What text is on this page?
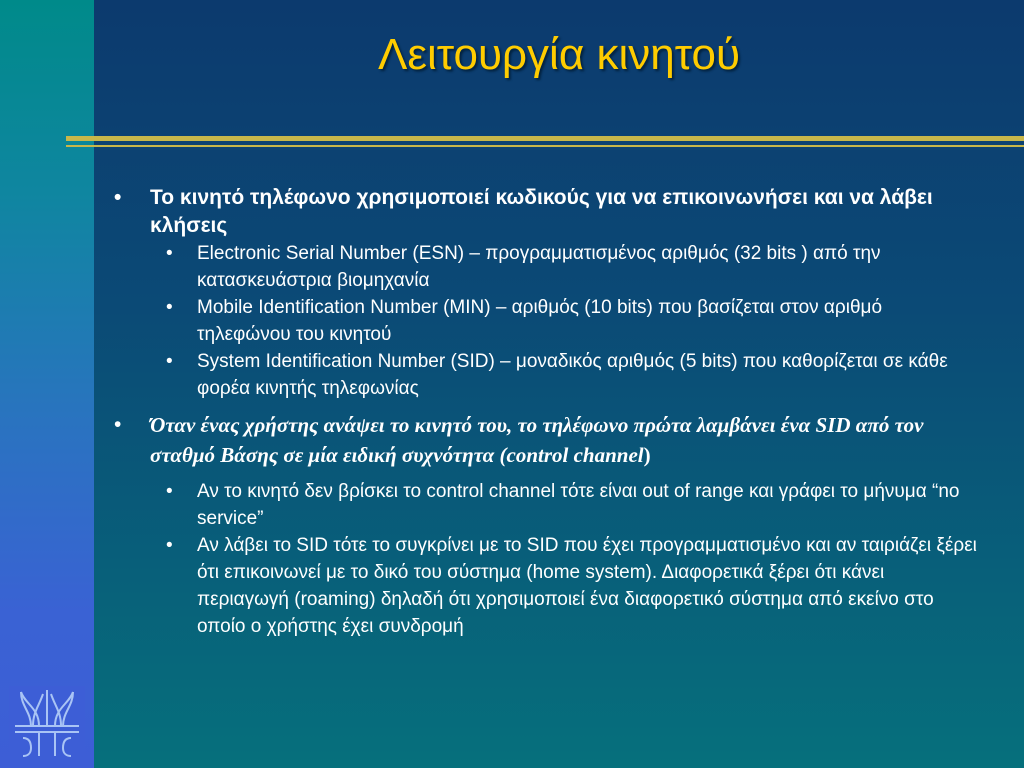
Λειτουργία κινητού

• Το κινητό τηλέφωνο χρησιμοποιεί κωδικούς για να επικοινωνήσει και να λάβει κλήσεις

• Electronic Serial Number (ESN) – προγραμματισμένος αριθμός (32 bits ) από την κατασκευάστρια βιομηχανία

• Mobile Identification Number (MIN) – αριθμός (10 bits) που βασίζεται στον αριθμό τηλεφώνου του κινητού

• System Identification Number (SID) – μοναδικός αριθμός (5 bits) που καθορίζεται σε κάθε φορέα κινητής τηλεφωνίας

• Όταν ένας χρήστης ανάψει το κινητό του, το τηλέφωνο πρώτα λαμβάνει ένα SID από τον σταθμό Βάσης σε μία ειδική συχνότητα (control channel)

• Αν το κινητό δεν βρίσκει το control channel τότε είναι out of range και γράφει το μήνυμα “no service”

• Αν λάβει το SID τότε το συγκρίνει με το SID που έχει προγραμματισμένο και αν ταιριάζει ξέρει ότι επικοινωνεί με το δικό του σύστημα (home system). Διαφορετικά ξέρει ότι κάνει περιαγωγή (roaming) δηλαδή ότι χρησιμοποιεί ένα διαφορετικό σύστημα από εκείνο στο οποίο ο χρήστης έχει συνδρομή
